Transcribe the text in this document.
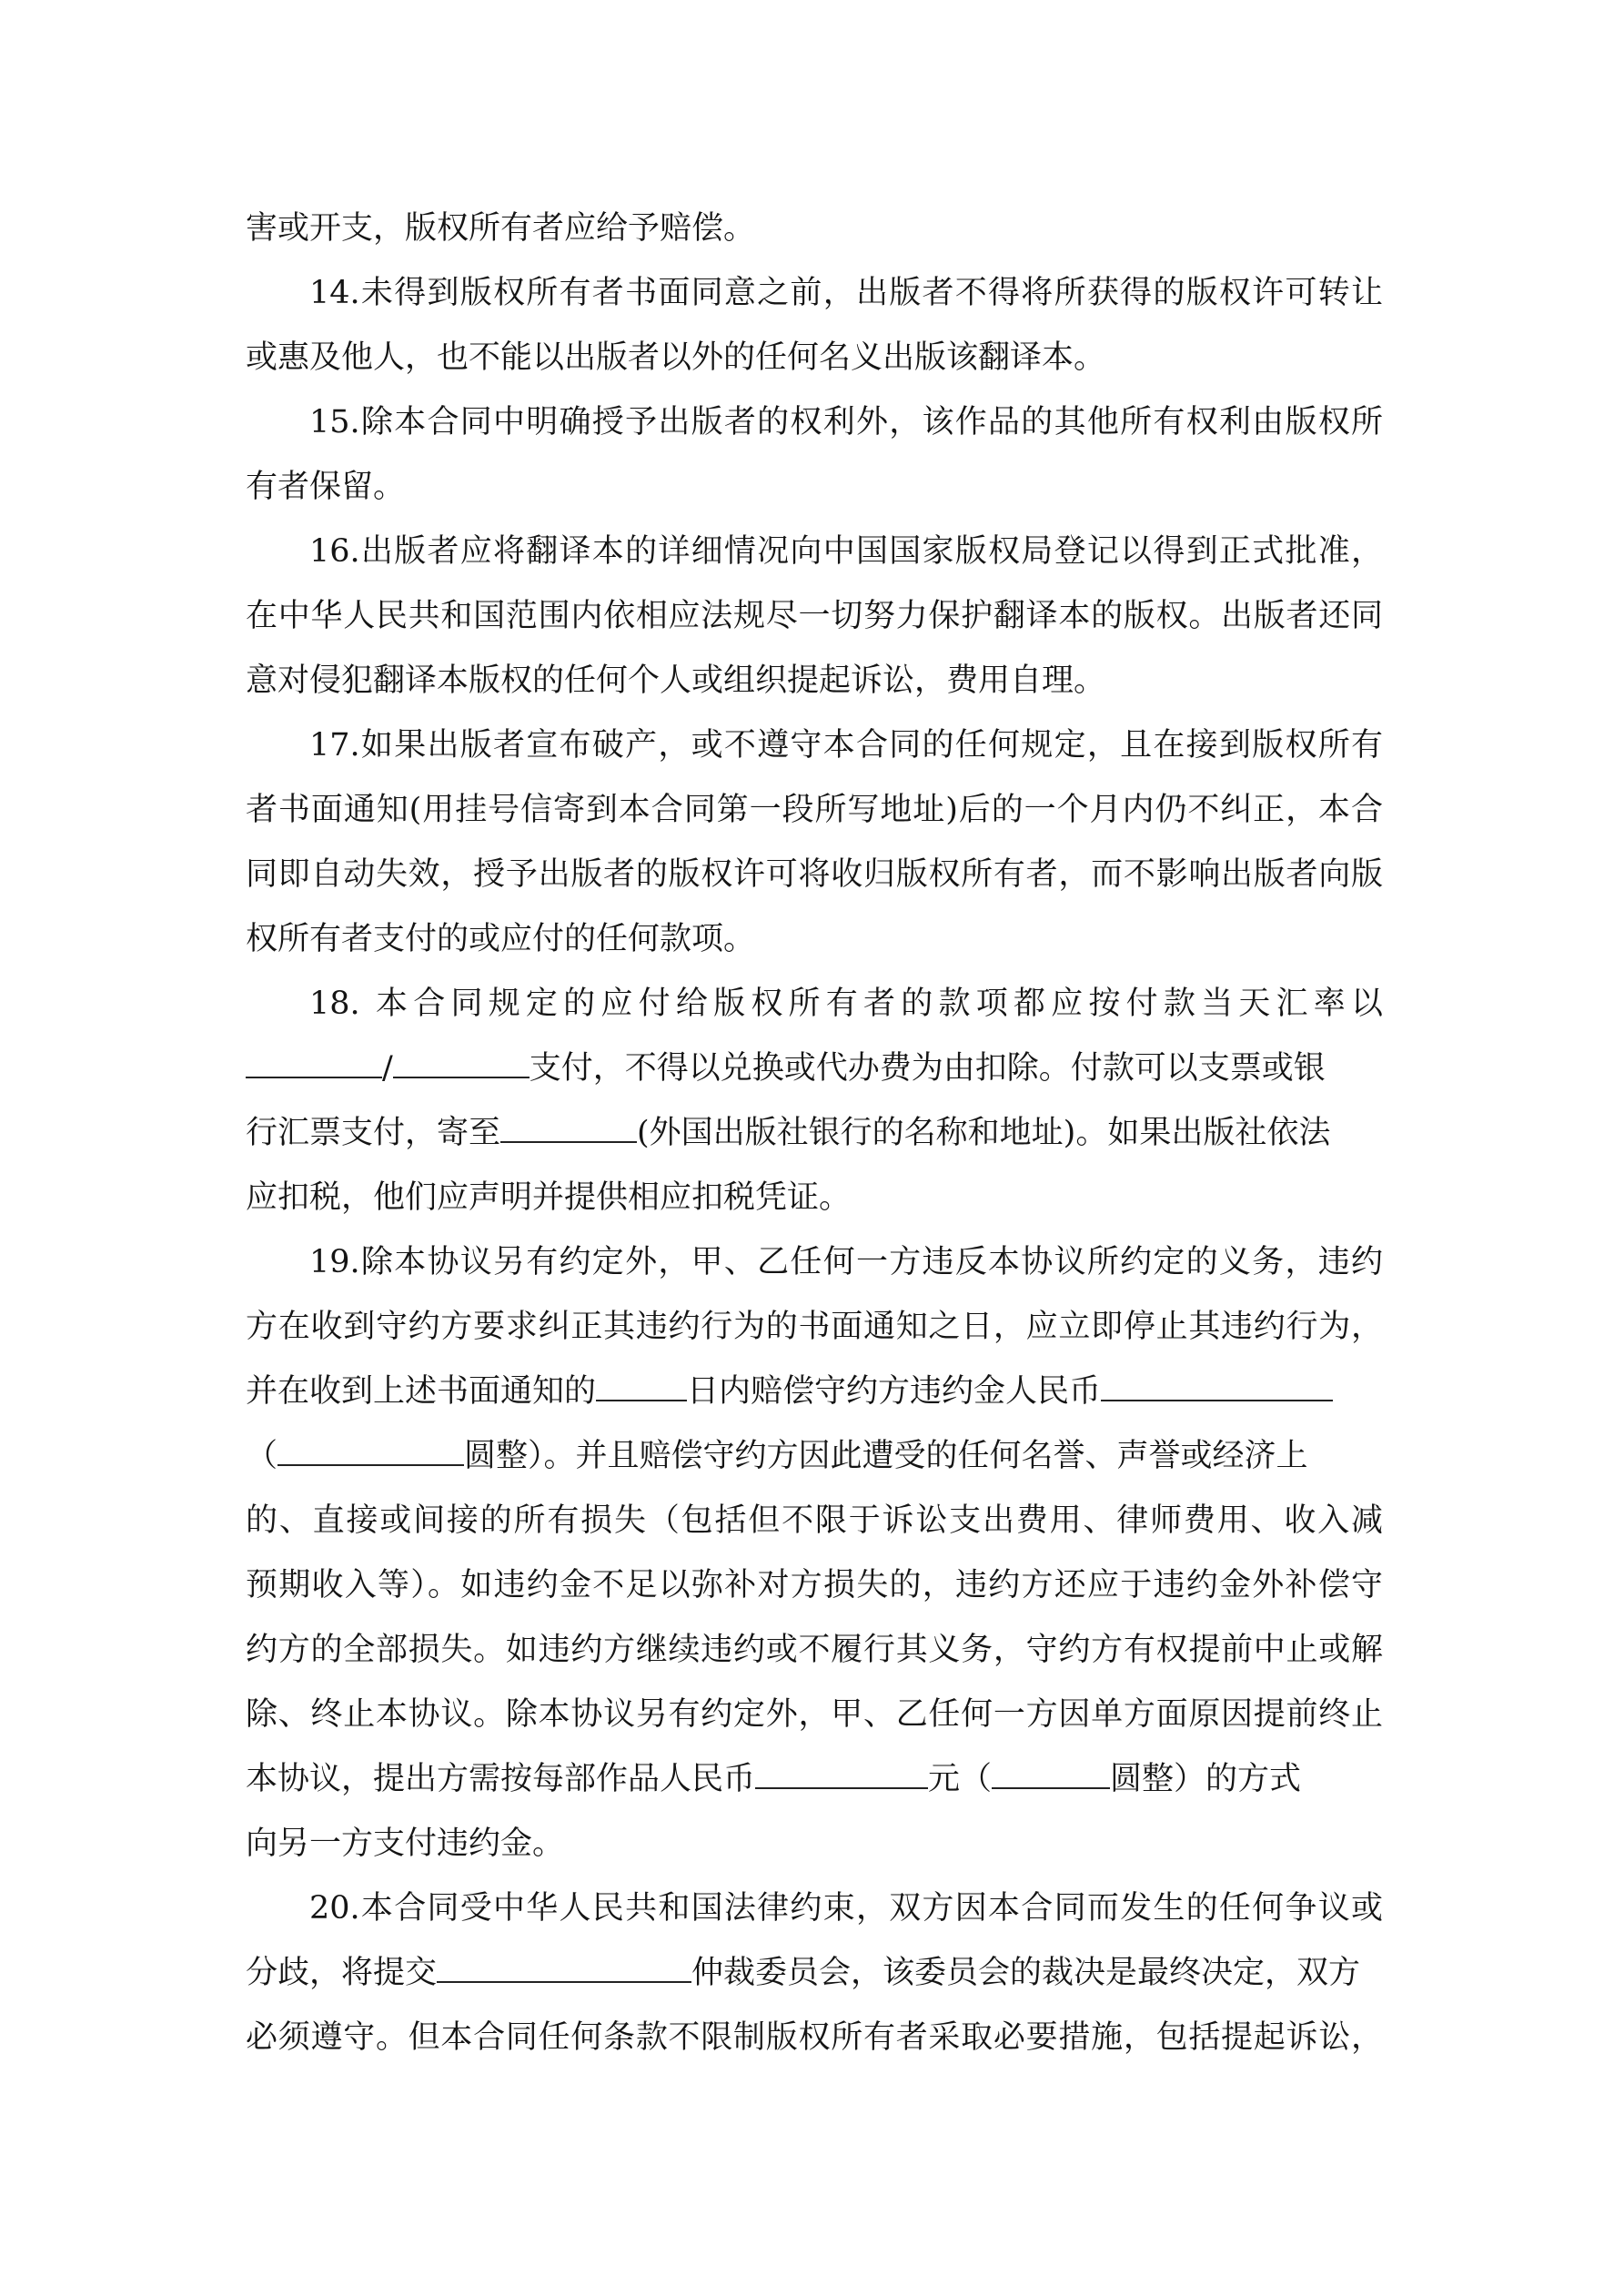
害或开支，版权所有者应给予赔偿。
14.未得到版权所有者书面同意之前，出版者不得将所获得的版权许可转让
或惠及他人，也不能以出版者以外的任何名义出版该翻译本。
15.除本合同中明确授予出版者的权利外，该作品的其他所有权利由版权所
有者保留。
16.出版者应将翻译本的详细情况向中国国家版权局登记以得到正式批准，
在中华人民共和国范围内依相应法规尽一切努力保护翻译本的版权。出版者还同
意对侵犯翻译本版权的任何个人或组织提起诉讼，费用自理。
17.如果出版者宣布破产，或不遵守本合同的任何规定，且在接到版权所有
者书面通知(用挂号信寄到本合同第一段所写地址)后的一个月内仍不纠正，本合
同即自动失效，授予出版者的版权许可将收归版权所有者，而不影响出版者向版
权所有者支付的或应付的任何款项。
18. 本合同规定的应付给版权所有者的款项都应按付款当天汇率以
/	支付，不得以兑换或代办费为由扣除。付款可以支票或银
行汇票支付，寄至	(外国出版社银行的名称和地址)。如果出版社依法
应扣税，他们应声明并提供相应扣税凭证。
19.除本协议另有约定外，甲、乙任何一方违反本协议所约定的义务，违约
方在收到守约方要求纠正其违约行为的书面通知之日，应立即停止其违约行为，
并在收到上述书面通知的	日内赔偿守约方违约金人民币
（	圆整）。并且赔偿守约方因此遭受的任何名誉、声誉或经济上
的、直接或间接的所有损失（包括但不限于诉讼支出费用、律师费用、收入减
预期收入等）。如违约金不足以弥补对方损失的，违约方还应于违约金外补偿守
约方的全部损失。如违约方继续违约或不履行其义务，守约方有权提前中止或解
除、终止本协议。除本协议另有约定外，甲、乙任何一方因单方面原因提前终止
本协议，提出方需按每部作品人民币	元（	圆整）的方式
向另一方支付违约金。
20.本合同受中华人民共和国法律约束，双方因本合同而发生的任何争议或
分歧，将提交	仲裁委员会，该委员会的裁决是最终决定，双方
必须遵守。但本合同任何条款不限制版权所有者采取必要措施，包括提起诉讼，
